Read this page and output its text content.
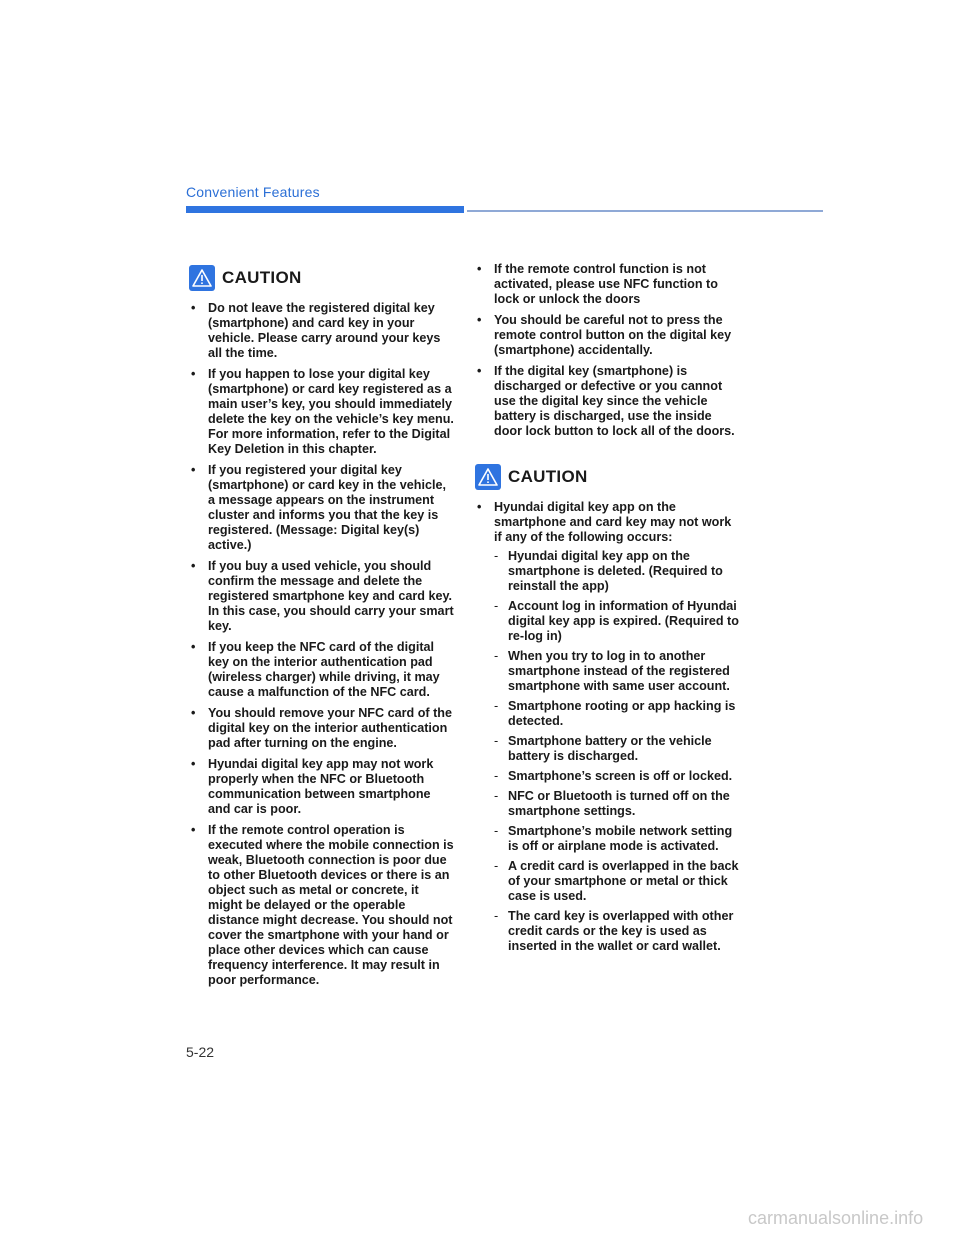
Convenient Features
CAUTION
• Do not leave the registered digital key (smartphone) and card key in your vehicle. Please carry around your keys all the time.
• If you happen to lose your digital key (smartphone) or card key registered as a main user’s key, you should immediately delete the key on the vehicle’s key menu. For more information, refer to the Digital Key Deletion in this chapter.
• If you registered your digital key (smartphone) or card key in the vehicle, a message appears on the instrument cluster and informs you that the key is registered. (Message: Digital key(s) active.)
• If you buy a used vehicle, you should confirm the message and delete the registered smartphone key and card key. In this case, you should carry your smart key.
• If you keep the NFC card of the digital key on the interior authentication pad (wireless charger) while driving, it may cause a malfunction of the NFC card.
• You should remove your NFC card of the digital key on the interior authentication pad after turning on the engine.
• Hyundai digital key app may not work properly when the NFC or Bluetooth communication between smartphone and car is poor.
• If the remote control operation is executed where the mobile connection is weak, Bluetooth connection is poor due to other Bluetooth devices or there is an object such as metal or concrete, it might be delayed or the operable distance might decrease. You should not cover the smartphone with your hand or place other devices which can cause frequency interference. It may result in poor performance.
• If the remote control function is not activated, please use NFC function to lock or unlock the doors
• You should be careful not to press the remote control button on the digital key (smartphone) accidentally.
• If the digital key (smartphone) is discharged or defective or you cannot use the digital key since the vehicle battery is discharged, use the inside door lock button to lock all of the doors.
CAUTION
• Hyundai digital key app on the smartphone and card key may not work if any of the following occurs:
- Hyundai digital key app on the smartphone is deleted. (Required to reinstall the app)
- Account log in information of Hyundai digital key app is expired. (Required to re-log in)
- When you try to log in to another smartphone instead of the registered smartphone with same user account.
- Smartphone rooting or app hacking is detected.
- Smartphone battery or the vehicle battery is discharged.
- Smartphone’s screen is off or locked.
- NFC or Bluetooth is turned off on the smartphone settings.
- Smartphone’s mobile network setting is off or airplane mode is activated.
- A credit card is overlapped in the back of your smartphone or metal or thick case is used.
- The card key is overlapped with other credit cards or the key is used as inserted in the wallet or card wallet.
5-22
carmanualsonline.info
